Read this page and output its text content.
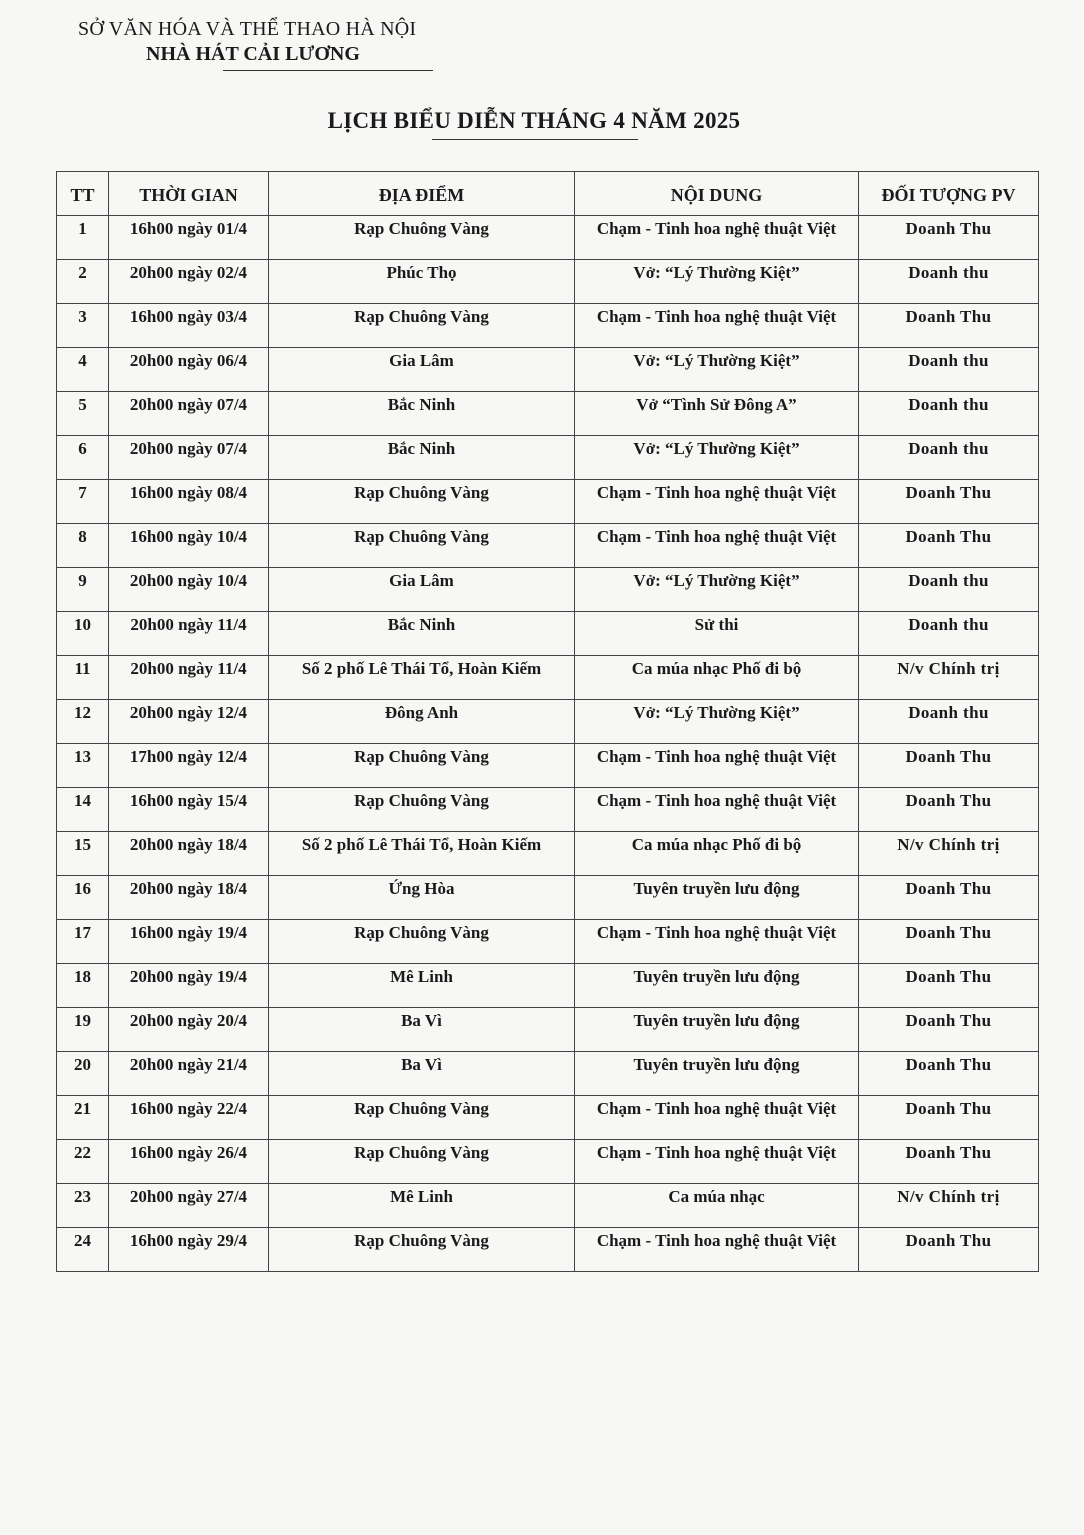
SỞ VĂN HÓA VÀ THỂ THAO HÀ NỘI
NHÀ HÁT CẢI LƯƠNG
LỊCH BIỂU DIỄN THÁNG 4 NĂM 2025
TT	THỜI GIAN	ĐỊA ĐIỂM	NỘI DUNG	ĐỐI TƯỢNG PV
1	16h00 ngày 01/4	Rạp Chuông Vàng	Chạm - Tinh hoa nghệ thuật Việt	Doanh Thu
2	20h00 ngày 02/4	Phúc Thọ	Vở: “Lý Thường Kiệt”	Doanh thu
3	16h00 ngày 03/4	Rạp Chuông Vàng	Chạm - Tinh hoa nghệ thuật Việt	Doanh Thu
4	20h00 ngày 06/4	Gia Lâm	Vở: “Lý Thường Kiệt”	Doanh thu
5	20h00 ngày 07/4	Bắc Ninh	Vở “Tình Sử Đông A”	Doanh thu
6	20h00 ngày 07/4	Bắc Ninh	Vở: “Lý Thường Kiệt”	Doanh thu
7	16h00 ngày 08/4	Rạp Chuông Vàng	Chạm - Tinh hoa nghệ thuật Việt	Doanh Thu
8	16h00 ngày 10/4	Rạp Chuông Vàng	Chạm - Tinh hoa nghệ thuật Việt	Doanh Thu
9	20h00 ngày 10/4	Gia Lâm	Vở: “Lý Thường Kiệt”	Doanh thu
10	20h00 ngày 11/4	Bắc Ninh	Sử thi	Doanh thu
11	20h00 ngày 11/4	Số 2 phố Lê Thái Tổ, Hoàn Kiếm	Ca múa nhạc Phố đi bộ	N/v Chính trị
12	20h00 ngày 12/4	Đông Anh	Vở: “Lý Thường Kiệt”	Doanh thu
13	17h00 ngày 12/4	Rạp Chuông Vàng	Chạm - Tinh hoa nghệ thuật Việt	Doanh Thu
14	16h00 ngày 15/4	Rạp Chuông Vàng	Chạm - Tinh hoa nghệ thuật Việt	Doanh Thu
15	20h00 ngày 18/4	Số 2 phố Lê Thái Tổ, Hoàn Kiếm	Ca múa nhạc Phố đi bộ	N/v Chính trị
16	20h00 ngày 18/4	Ứng Hòa	Tuyên truyền lưu động	Doanh Thu
17	16h00 ngày 19/4	Rạp Chuông Vàng	Chạm - Tinh hoa nghệ thuật Việt	Doanh Thu
18	20h00 ngày 19/4	Mê Linh	Tuyên truyền lưu động	Doanh Thu
19	20h00 ngày 20/4	Ba Vì	Tuyên truyền lưu động	Doanh Thu
20	20h00 ngày 21/4	Ba Vì	Tuyên truyền lưu động	Doanh Thu
21	16h00 ngày 22/4	Rạp Chuông Vàng	Chạm - Tinh hoa nghệ thuật Việt	Doanh Thu
22	16h00 ngày 26/4	Rạp Chuông Vàng	Chạm - Tinh hoa nghệ thuật Việt	Doanh Thu
23	20h00 ngày 27/4	Mê Linh	Ca múa nhạc	N/v Chính trị
24	16h00 ngày 29/4	Rạp Chuông Vàng	Chạm - Tinh hoa nghệ thuật Việt	Doanh Thu
